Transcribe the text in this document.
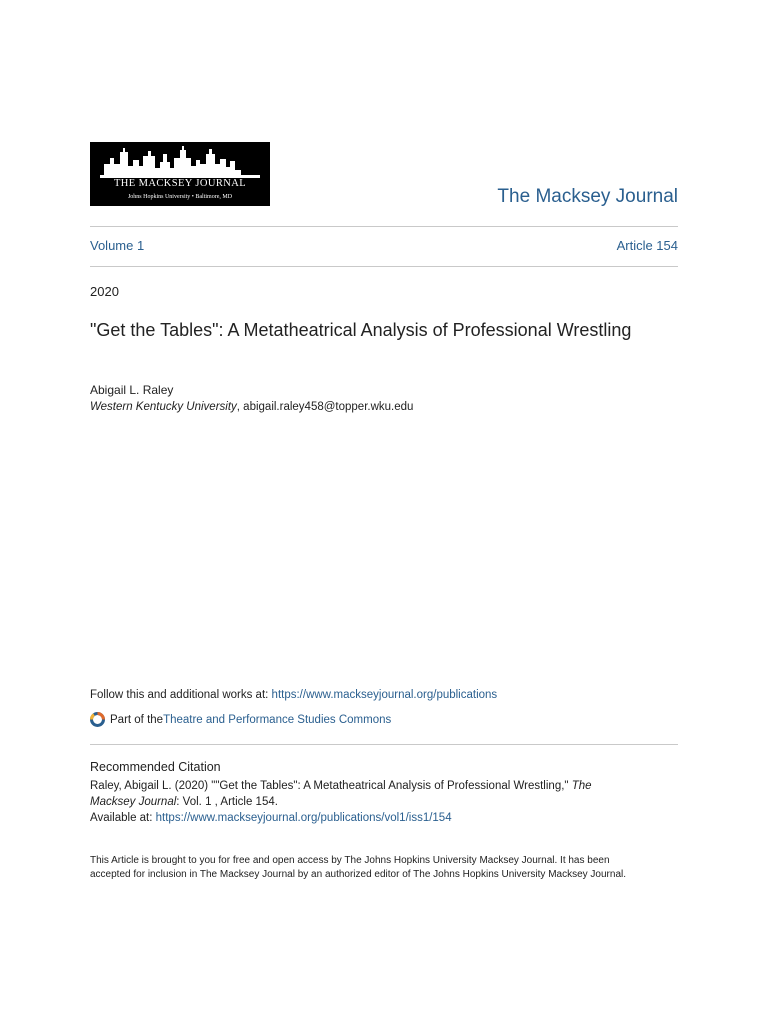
THE MACKSEY JOURNAL
Johns Hopkins University • Baltimore, MD	The Macksey Journal
Volume 1	Article 154
2020
"Get the Tables": A Metatheatrical Analysis of Professional Wrestling
Abigail L. Raley
Western Kentucky University, abigail.raley458@topper.wku.edu
Follow this and additional works at: https://www.mackseyjournal.org/publications
Part of the Theatre and Performance Studies Commons
Recommended Citation
Raley, Abigail L. (2020) ""Get the Tables": A Metatheatrical Analysis of Professional Wrestling," The
Macksey Journal: Vol. 1 , Article 154.
Available at: https://www.mackseyjournal.org/publications/vol1/iss1/154
This Article is brought to you for free and open access by The Johns Hopkins University Macksey Journal. It has been accepted for inclusion in The Macksey Journal by an authorized editor of The Johns Hopkins University Macksey Journal.
